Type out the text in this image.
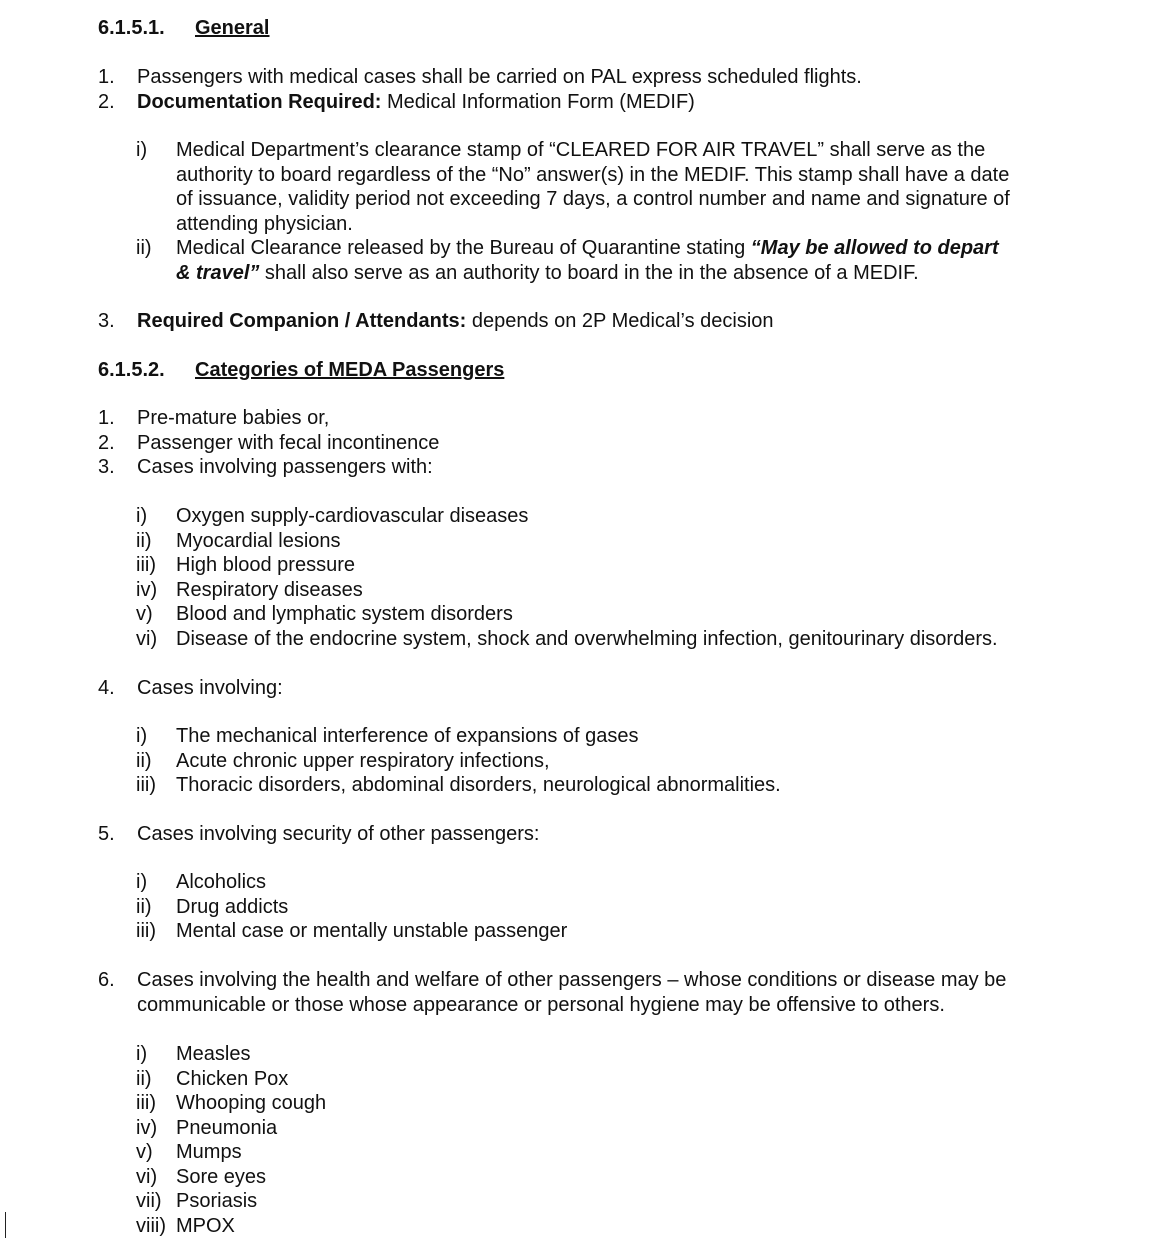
6.1.5.1. General
1. Passengers with medical cases shall be carried on PAL express scheduled flights.
2. Documentation Required: Medical Information Form (MEDIF)
i) Medical Department’s clearance stamp of “CLEARED FOR AIR TRAVEL” shall serve as the
authority to board regardless of the “No” answer(s) in the MEDIF. This stamp shall have a date
of issuance, validity period not exceeding 7 days, a control number and name and signature of
attending physician.
ii) Medical Clearance released by the Bureau of Quarantine stating “May be allowed to depart
& travel” shall also serve as an authority to board in the in the absence of a MEDIF.
3. Required Companion / Attendants: depends on 2P Medical’s decision
6.1.5.2. Categories of MEDA Passengers
1. Pre-mature babies or,
2. Passenger with fecal incontinence
3. Cases involving passengers with:
i) Oxygen supply-cardiovascular diseases
ii) Myocardial lesions
iii) High blood pressure
iv) Respiratory diseases
v) Blood and lymphatic system disorders
vi) Disease of the endocrine system, shock and overwhelming infection, genitourinary disorders.
4. Cases involving:
i) The mechanical interference of expansions of gases
ii) Acute chronic upper respiratory infections,
iii) Thoracic disorders, abdominal disorders, neurological abnormalities.
5. Cases involving security of other passengers:
i) Alcoholics
ii) Drug addicts
iii) Mental case or mentally unstable passenger
6. Cases involving the health and welfare of other passengers – whose conditions or disease may be
communicable or those whose appearance or personal hygiene may be offensive to others.
i) Measles
ii) Chicken Pox
iii) Whooping cough
iv) Pneumonia
v) Mumps
vi) Sore eyes
vii) Psoriasis
viii) MPOX
